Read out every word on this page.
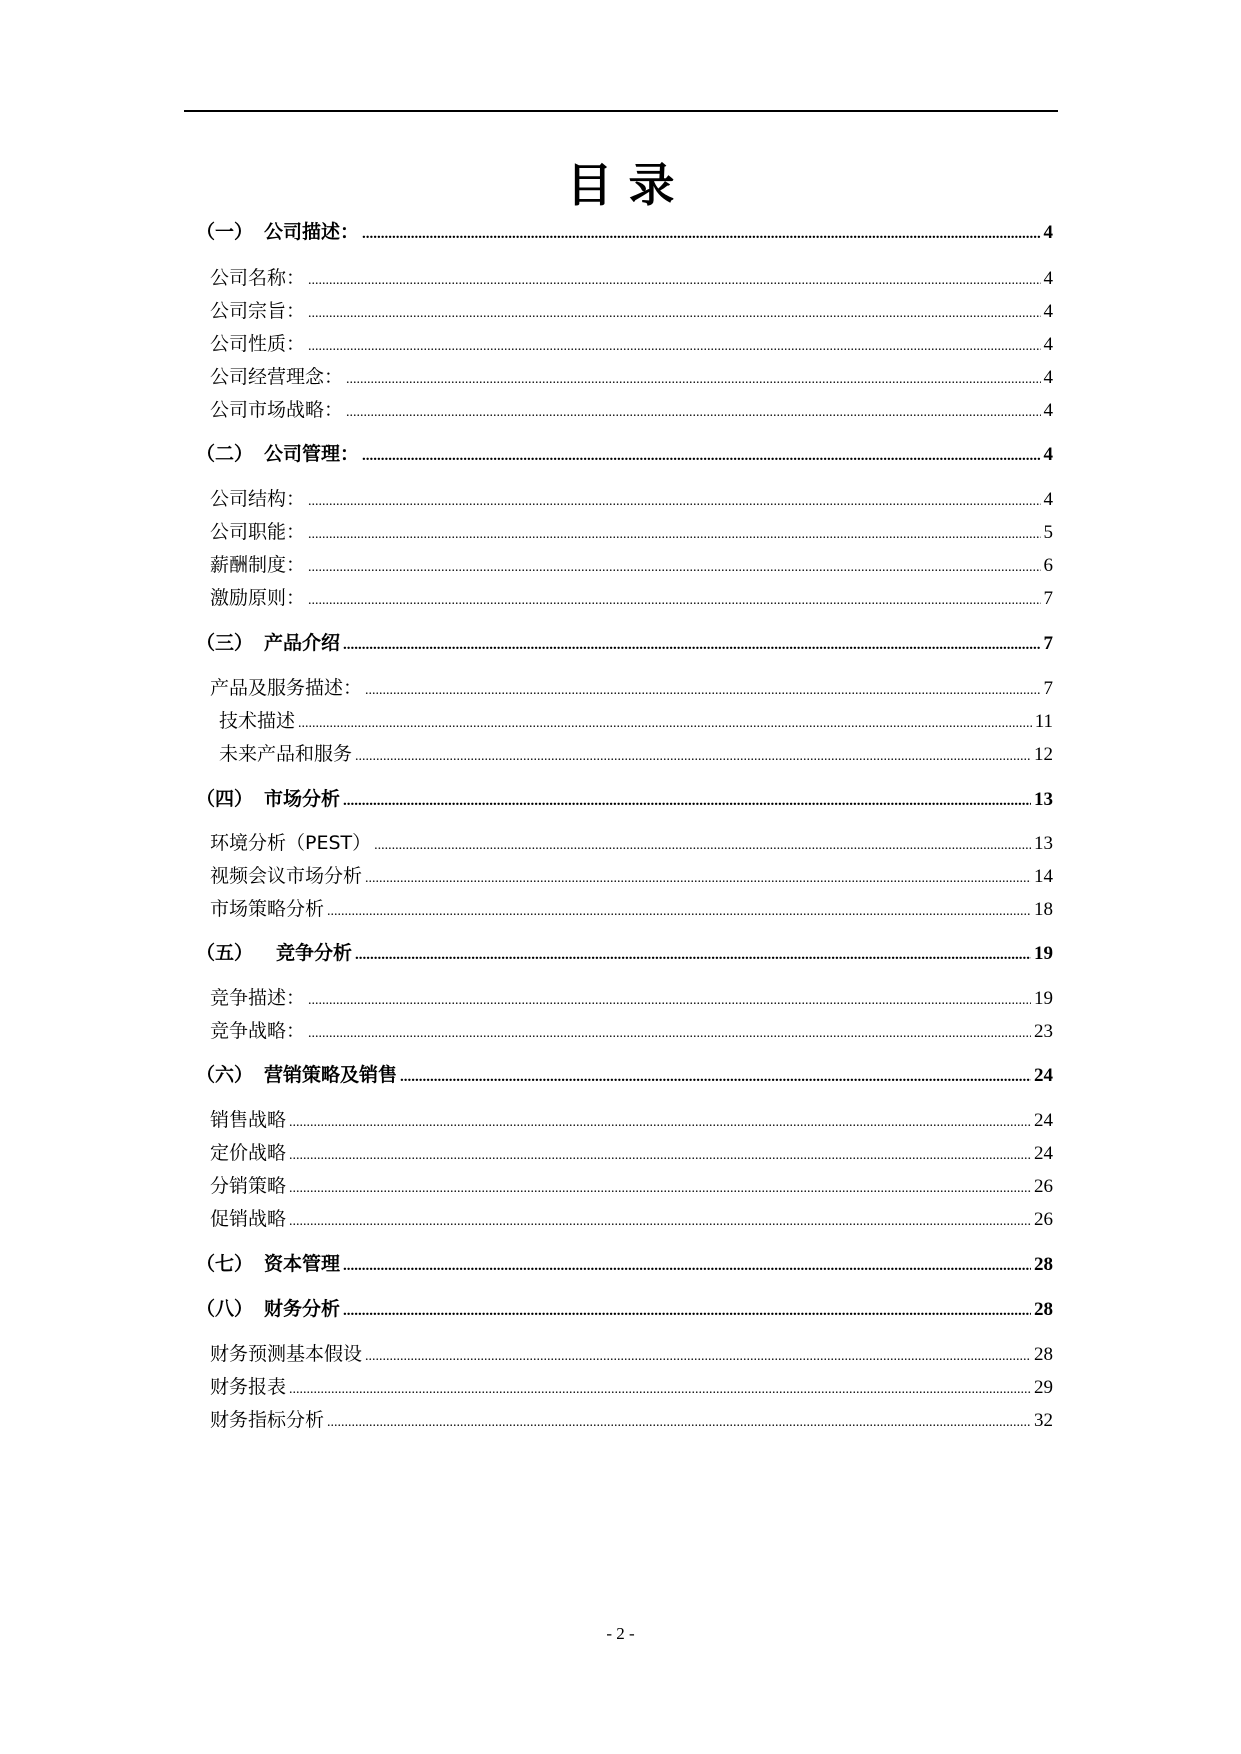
目 录
（一） 公司描述： .....	4
公司名称： .....	4
公司宗旨： .....	4
公司性质： .....	4
公司经营理念： .....	4
公司市场战略： .....	4
（二） 公司管理： .....	4
公司结构： .....	4
公司职能： .....	5
薪酬制度： .....	6
激励原则： .....	7
（三） 产品介绍 .....	7
产品及服务描述： .....	7
技术描述 .....	11
未来产品和服务 .....	12
（四） 市场分析 .....	13
环境分析（PEST） .....	13
视频会议市场分析 .....	14
市场策略分析 .....	18
（五）	竞争分析 .....	19
竞争描述： .....	19
竞争战略： .....	23
（六） 营销策略及销售 .....	24
销售战略 .....	24
定价战略 .....	24
分销策略 .....	26
促销战略 .....	26
（七） 资本管理 .....	28
（八） 财务分析 .....	28
财务预测基本假设 .....	28
财务报表 .....	29
财务指标分析 .....	32
- 2 -
